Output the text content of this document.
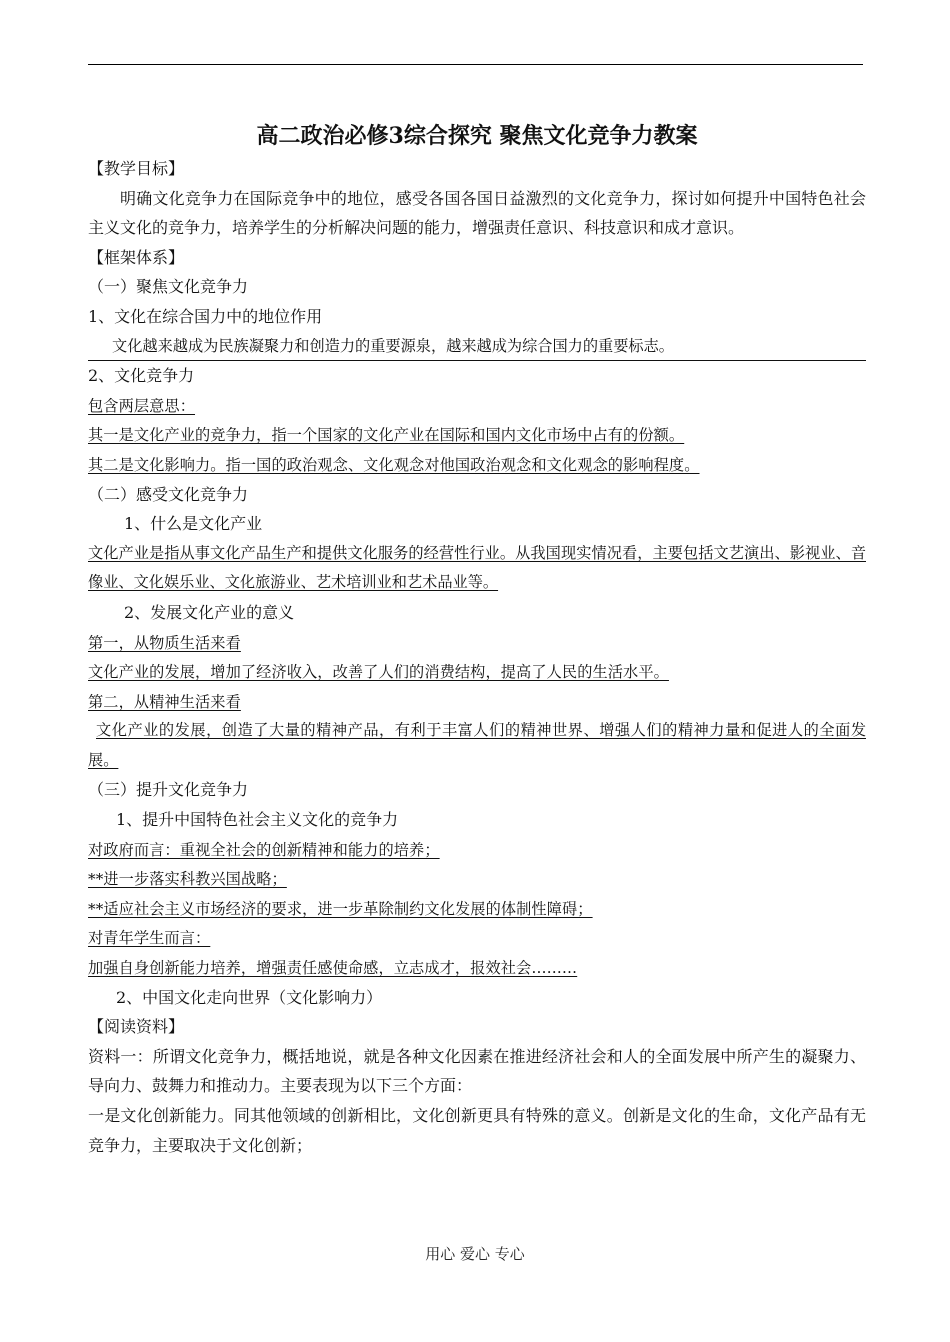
高二政治必修3综合探究 聚焦文化竞争力教案
【教学目标】

明确文化竞争力在国际竞争中的地位，感受各国各国日益激烈的文化竞争力，探讨如何提升中国特色社会主义文化的竞争力，培养学生的分析解决问题的能力，增强责任意识、科技意识和成才意识。

【框架体系】
（一）聚焦文化竞争力
1、文化在综合国力中的地位作用
文化越来越成为民族凝聚力和创造力的重要源泉，越来越成为综合国力的重要标志。
2、文化竞争力
包含两层意思：
其一是文化产业的竞争力，指一个国家的文化产业在国际和国内文化市场中占有的份额。
其二是文化影响力。指一国的政治观念、文化观念对他国政治观念和文化观念的影响程度。
（二）感受文化竞争力
1、什么是文化产业

文化产业是指从事文化产品生产和提供文化服务的经营性行业。从我国现实情况看，主要包括文艺演出、影视业、音像业、文化娱乐业、文化旅游业、艺术培训业和艺术品业等。

2、发展文化产业的意义
第一，从物质生活来看
文化产业的发展，增加了经济收入，改善了人们的消费结构，提高了人民的生活水平。
第二，从精神生活来看

文化产业的发展，创造了大量的精神产品，有利于丰富人们的精神世界、增强人们的精神力量和促进人的全面发展。

（三）提升文化竞争力
1、提升中国特色社会主义文化的竞争力
对政府而言：重视全社会的创新精神和能力的培养；
**进一步落实科教兴国战略；
**适应社会主义市场经济的要求，进一步革除制约文化发展的体制性障碍；
对青年学生而言：
加强自身创新能力培养，增强责任感使命感，立志成才，报效社会………
2、中国文化走向世界（文化影响力）
【阅读资料】

资料一：所谓文化竞争力，概括地说，就是各种文化因素在推进经济社会和人的全面发展中所产生的凝聚力、导向力、鼓舞力和推动力。主要表现为以下三个方面：

一是文化创新能力。同其他领域的创新相比，文化创新更具有特殊的意义。创新是文化的生命，文化产品有无竞争力，主要取决于文化创新；

用心 爱心 专心
